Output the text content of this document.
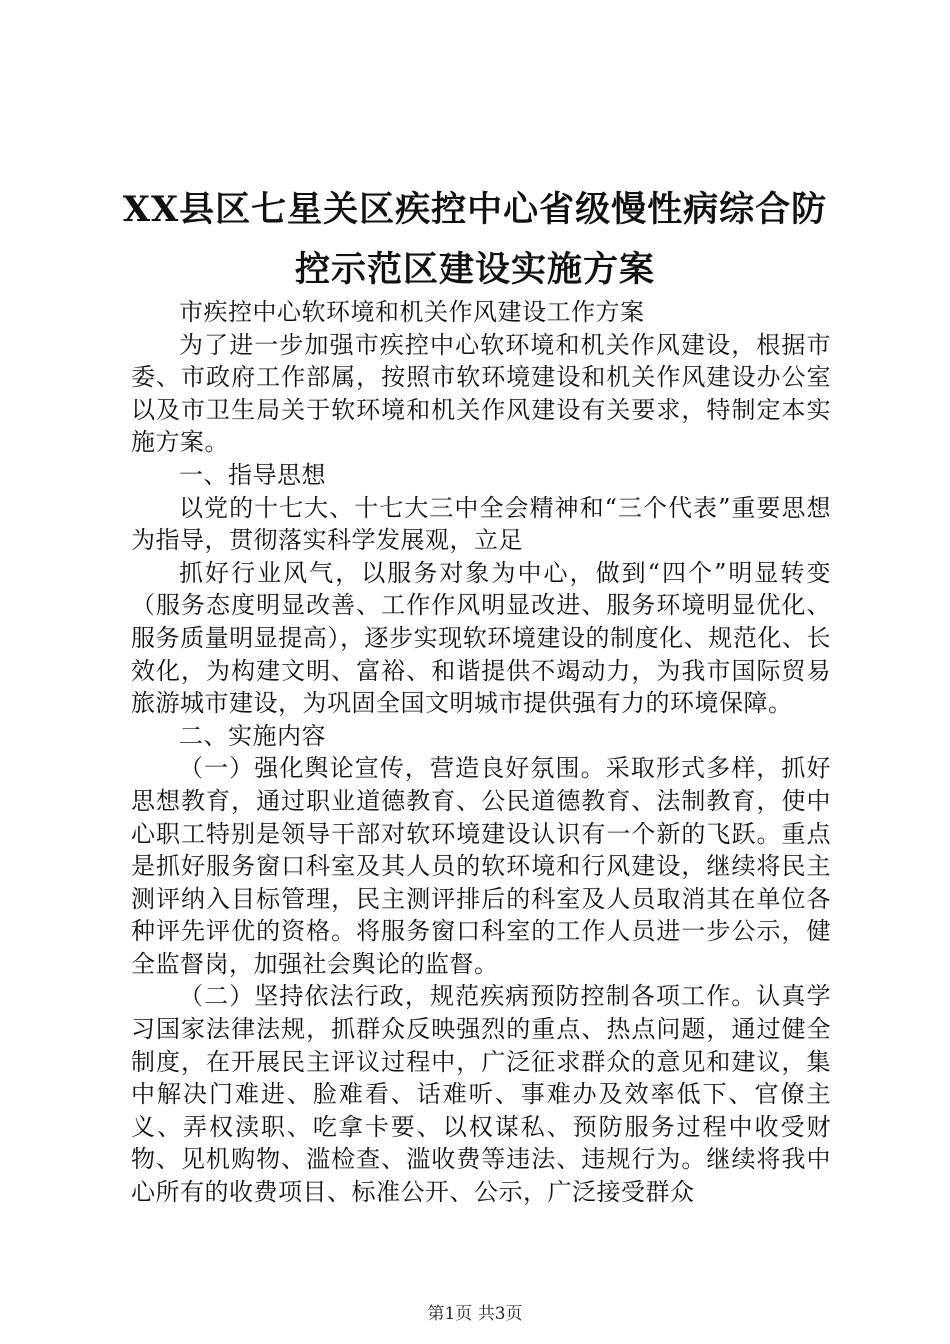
XX县区七星关区疾控中心省级慢性病综合防
控示范区建设实施方案

市疾控中心软环境和机关作风建设工作方案

为了进一步加强市疾控中心软环境和机关作风建设，根据市委、市政府工作部属，按照市软环境建设和机关作风建设办公室以及市卫生局关于软环境和机关作风建设有关要求，特制定本实施方案。

一、指导思想

以党的十七大、十七大三中全会精神和“三个代表”重要思想为指导，贯彻落实科学发展观，立足

抓好行业风气，以服务对象为中心，做到“四个”明显转变（服务态度明显改善、工作作风明显改进、服务环境明显优化、服务质量明显提高），逐步实现软环境建设的制度化、规范化、长效化，为构建文明、富裕、和谐提供不竭动力，为我市国际贸易旅游城市建设，为巩固全国文明城市提供强有力的环境保障。

二、实施内容

（一）强化舆论宣传，营造良好氛围。采取形式多样，抓好思想教育，通过职业道德教育、公民道德教育、法制教育，使中心职工特别是领导干部对软环境建设认识有一个新的飞跃。重点是抓好服务窗口科室及其人员的软环境和行风建设，继续将民主测评纳入目标管理，民主测评排后的科室及人员取消其在单位各种评先评优的资格。将服务窗口科室的工作人员进一步公示，健全监督岗，加强社会舆论的监督。

（二）坚持依法行政，规范疾病预防控制各项工作。认真学习国家法律法规，抓群众反映强烈的重点、热点问题，通过健全制度，在开展民主评议过程中，广泛征求群众的意见和建议，集中解决门难进、脸难看、话难听、事难办及效率低下、官僚主义、弄权渎职、吃拿卡要、以权谋私、预防服务过程中收受财物、见机购物、滥检查、滥收费等违法、违规行为。继续将我中心所有的收费项目、标准公开、公示，广泛接受群众

第1页 共3页
